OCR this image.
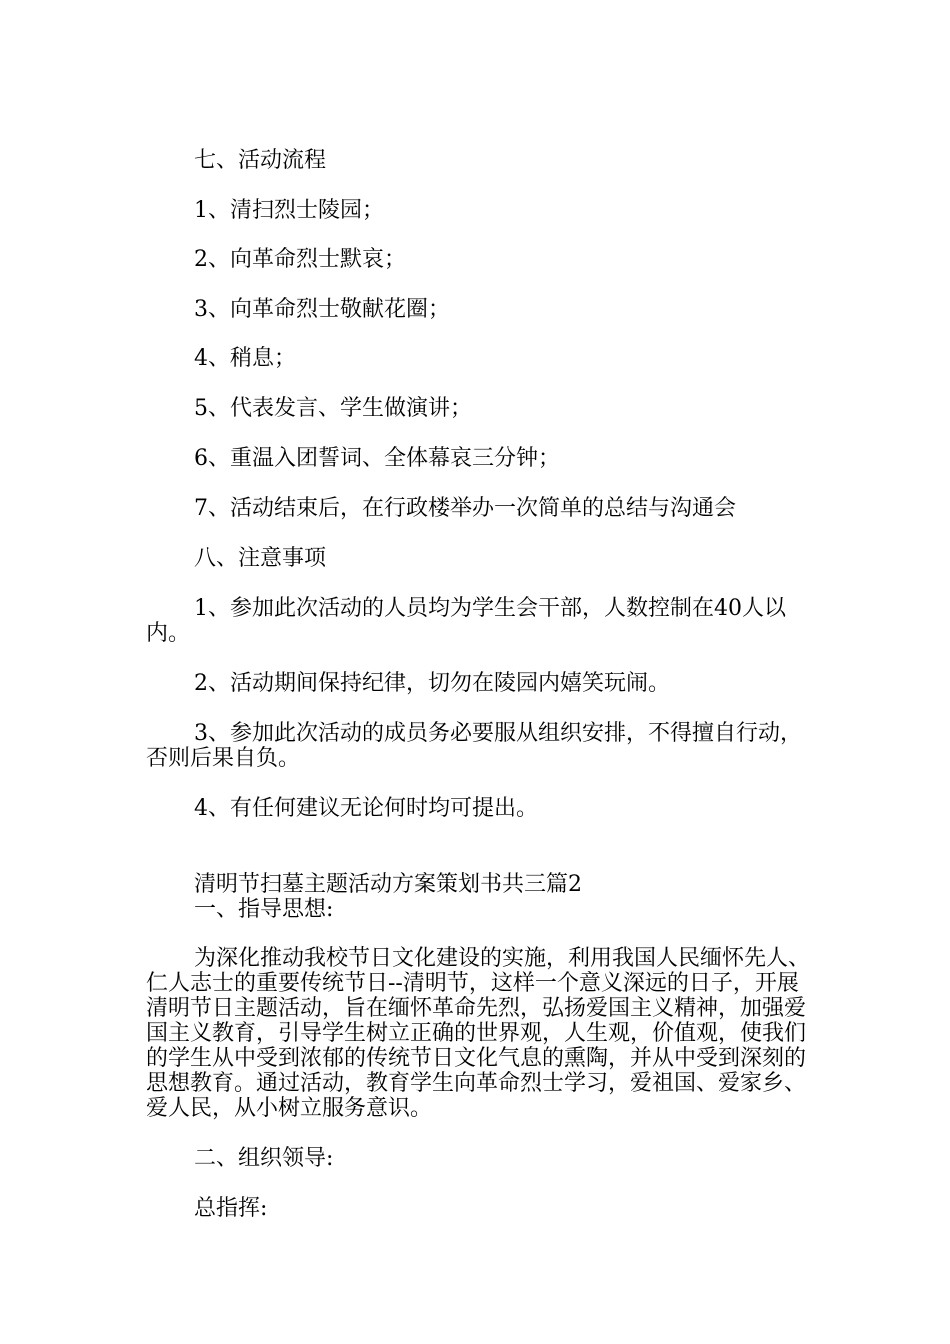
七、活动流程

1、清扫烈士陵园；

2、向革命烈士默哀；

3、向革命烈士敬献花圈；

4、稍息；

5、代表发言、学生做演讲；

6、重温入团誓词、全体幕哀三分钟；

7、活动结束后，在行政楼举办一次简单的总结与沟通会

八、注意事项

1、参加此次活动的人员均为学生会干部，人数控制在40人以内。

2、活动期间保持纪律，切勿在陵园内嬉笑玩闹。

3、参加此次活动的成员务必要服从组织安排，不得擅自行动，否则后果自负。

4、有任何建议无论何时均可提出。

清明节扫墓主题活动方案策划书共三篇2

一、指导思想:

为深化推动我校节日文化建设的实施，利用我国人民缅怀先人、仁人志士的重要传统节日--清明节，这样一个意义深远的日子，开展清明节日主题活动，旨在缅怀革命先烈，弘扬爱国主义精神，加强爱国主义教育，引导学生树立正确的世界观，人生观，价值观，使我们的学生从中受到浓郁的传统节日文化气息的熏陶，并从中受到深刻的思想教育。通过活动，教育学生向革命烈士学习，爱祖国、爱家乡、爱人民，从小树立服务意识。

二、组织领导:

总指挥:
